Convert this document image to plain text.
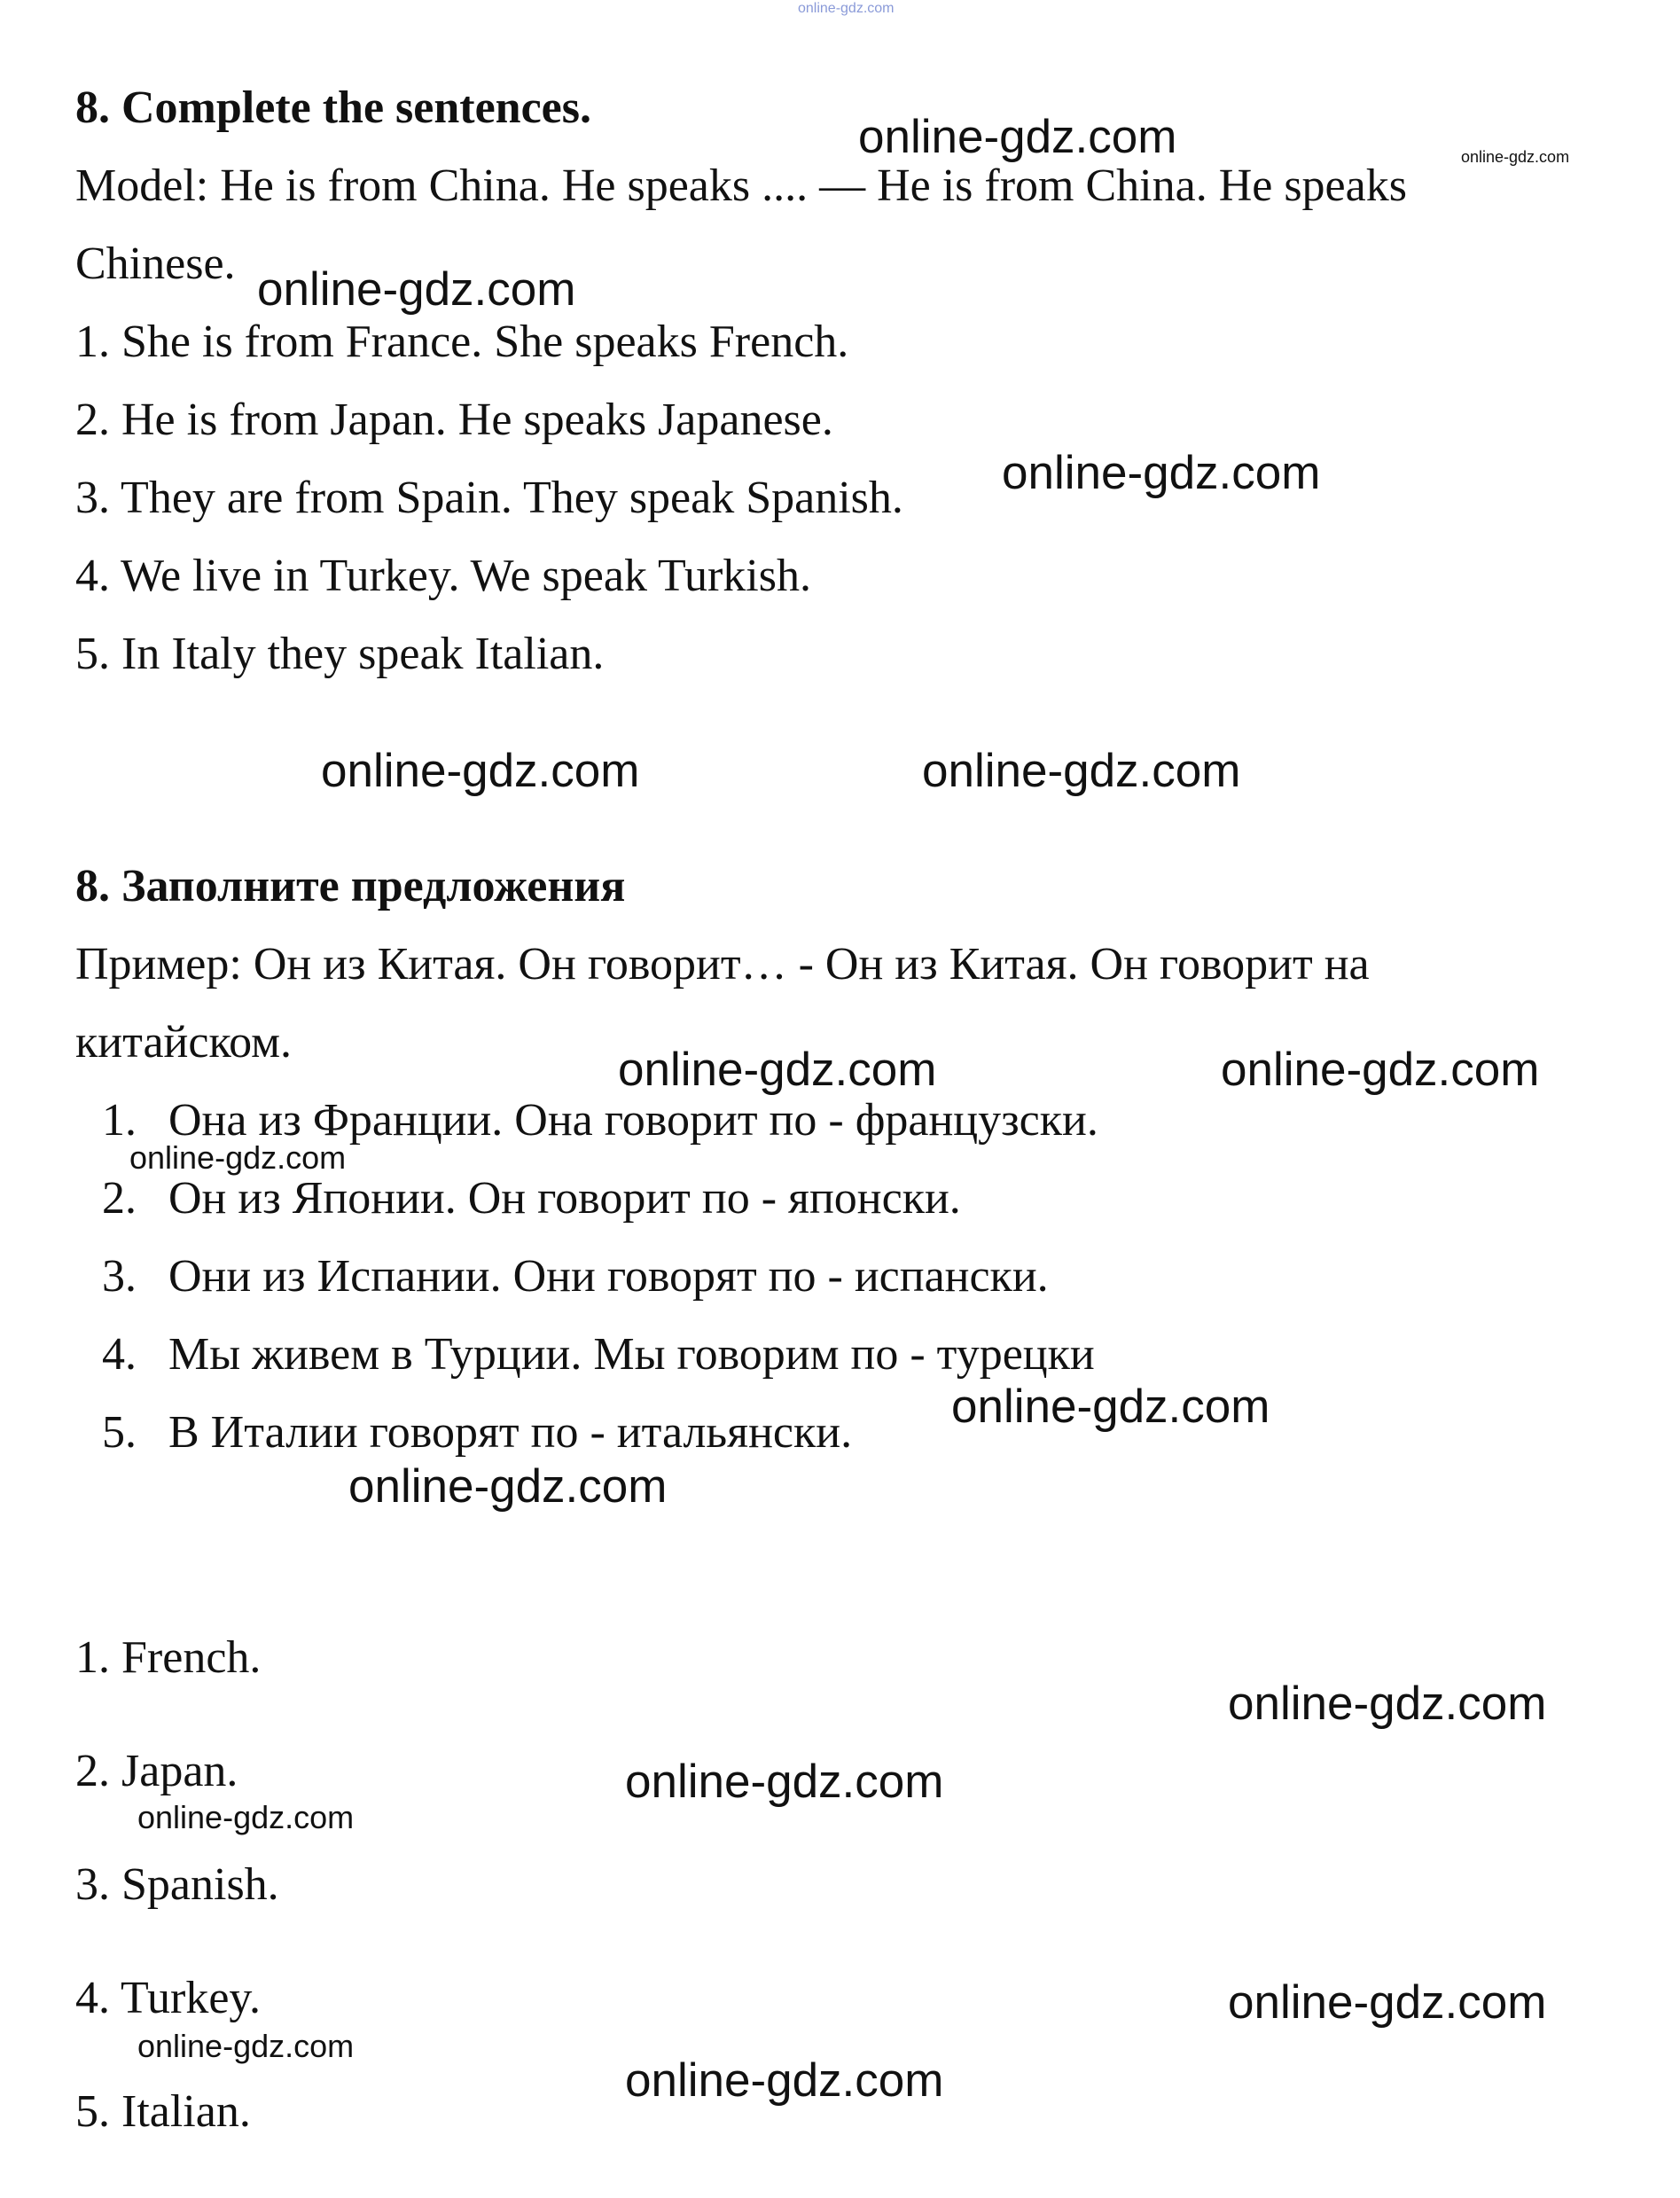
online-gdz.com
8. Complete the sentences.
Model: He is from China. He speaks .... — He is from China. He speaks
Chinese.
1. She is from France. She speaks French.
2. He is from Japan. He speaks Japanese.
3. They are from Spain. They speak Spanish.
4. We live in Turkey. We speak Turkish.
5. In Italy they speak Italian.
8. Заполните предложения
Пример: Он из Китая. Он говорит… - Он из Китая. Он говорит на
китайском.
1. Она из Франции. Она говорит по - французски.
2. Он из Японии. Он говорит по - японски.
3. Они из Испании. Они говорят по - испански.
4. Мы живем в Турции. Мы говорим по - турецки
5. В Италии говорят по - итальянски.
1. French.
2. Japan.
3. Spanish.
4. Turkey.
5. Italian.
online-gdz.com	online-gdz.com
online-gdz.com
online-gdz.com
online-gdz.com	online-gdz.com
online-gdz.com	online-gdz.com
online-gdz.com
online-gdz.com
online-gdz.com
online-gdz.com
online-gdz.com
online-gdz.com
online-gdz.com
online-gdz.com
online-gdz.com
